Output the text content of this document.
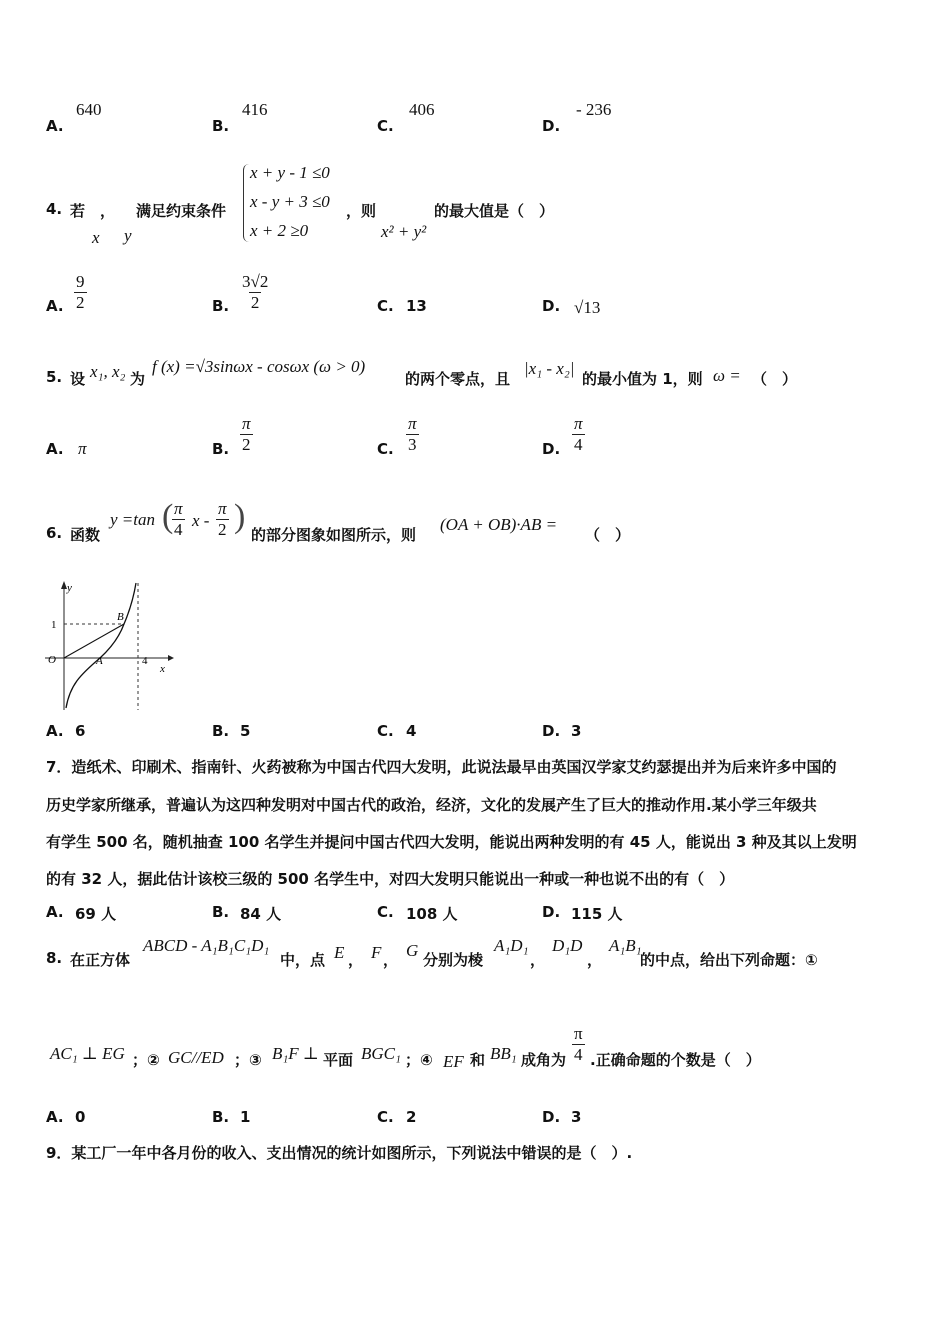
A.
640
B.
416
C.
406
D.
- 236
4. 若 ，
x y
满足约束条件
x + y - 1 ≤0
x - y + 3 ≤0
x + 2 ≥0
，则
x² + y²
的最大值是（　）
A. $\frac{9}{2}$	B. $\frac{3√2}{2}$	C. 13	D. √13
5. 设 x₁, x₂ 为
f (x) =√3sinωx - cosωx (ω > 0)
的两个零点，且
|x₁ - x₂|
的最小值为 1，则 ω = （　）
A. π	B. $\frac{\pi}{2}$	C. $\frac{\pi}{3}$	D. $\frac{\pi}{4}$
6. 函数
y =tan (
$\frac{\pi}{4}$ x - $\frac{\pi}{2}$ ) 的部分图象如图所示，则
(OA + OB)·AB =
（　）
y
x
1
O	A
B
4
A. 6	B. 5	C. 4	D. 3
7．造纸术、印刷术、指南针、火药被称为中国古代四大发明，此说法最早由英国汉学家艾约瑟提出并为后来许多中国的
历史学家所继承，普遍认为这四种发明对中国古代的政治，经济，文化的发展产生了巨大的推动作用.某小学三年级共
有学生 500 名，随机抽查 100 名学生并提问中国古代四大发明，能说出两种发明的有 45 人，能说出 3 种及其以上发明
的有 32 人，据此估计该校三级的 500 名学生中，对四大发明只能说出一种或一种也说不出的有（　）
A. 69 人	B. 84 人	C. 108 人	D. 115 人
8. 在正方体
ABCD - A₁B₁C₁D₁
中，点 E ， F ， G 分别为棱
A₁D₁
，
D₁D
，
A₁B₁
的中点，给出下列命题：①
AC₁ ⊥ EG ；② GC//ED ；③ B₁F ⊥ 平面 BGC₁ ；④ EF 和 BB₁ 成角为 $\frac{\pi}{4}$ .正确命题的个数是（　）
A. 0	B. 1	C. 2	D. 3
9．某工厂一年中各月份的收入、支出情况的统计如图所示，下列说法中错误的是（　）.
